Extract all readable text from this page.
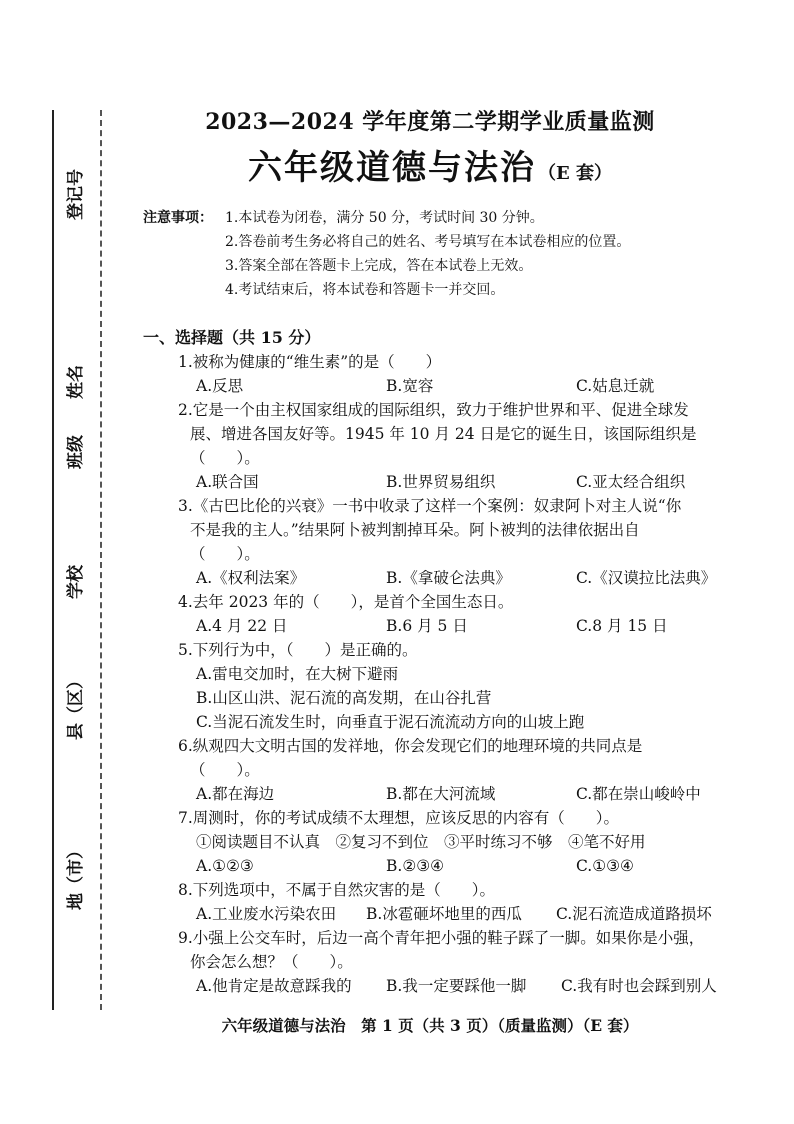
登记号
姓名
班级
学校
县（区）
地（市）
2023—2024 学年度第二学期学业质量监测
六年级道德与法治 （E 套）
注意事项： 1.本试卷为闭卷，满分 50 分，考试时间 30 分钟。
2.答卷前考生务必将自己的姓名、考号填写在本试卷相应的位置。
3.答案全部在答题卡上完成，答在本试卷上无效。
4.考试结束后，将本试卷和答题卡一并交回。
一、选择题（共 15 分）
1.被称为健康的“维生素”的是（　　）
A.反思	B.宽容	C.姑息迁就
2.它是一个由主权国家组成的国际组织，致力于维护世界和平、促进全球发
展、增进各国友好等。1945 年 10 月 24 日是它的诞生日，该国际组织是
（　　）。
A.联合国	B.世界贸易组织	C.亚太经合组织
3.《古巴比伦的兴衰》一书中收录了这样一个案例：奴隶阿卜对主人说“你
不是我的主人。”结果阿卜被判割掉耳朵。阿卜被判的法律依据出自
（　　）。
A.《权利法案》	B.《拿破仑法典》	C.《汉谟拉比法典》
4.去年 2023 年的（　　），是首个全国生态日。
A.4 月 22 日	B.6 月 5 日	C.8 月 15 日
5.下列行为中，（　　）是正确的。
A.雷电交加时，在大树下避雨
B.山区山洪、泥石流的高发期，在山谷扎营
C.当泥石流发生时，向垂直于泥石流流动方向的山坡上跑
6.纵观四大文明古国的发祥地，你会发现它们的地理环境的共同点是
（　　）。
A.都在海边	B.都在大河流域	C.都在崇山峻岭中
7.周测时，你的考试成绩不太理想，应该反思的内容有（　　）。
①阅读题目不认真　②复习不到位　③平时练习不够　④笔不好用
A.①②③	B.②③④	C.①③④
8.下列选项中，不属于自然灾害的是（　　）。
A.工业废水污染农田	B.冰雹砸坏地里的西瓜	C.泥石流造成道路损坏
9.小强上公交车时，后边一高个青年把小强的鞋子踩了一脚。如果你是小强，
你会怎么想？（　　）。
A.他肯定是故意踩我的	B.我一定要踩他一脚	C.我有时也会踩到别人
六年级道德与法治　第 1 页（共 3 页）（质量监测）（E 套）
